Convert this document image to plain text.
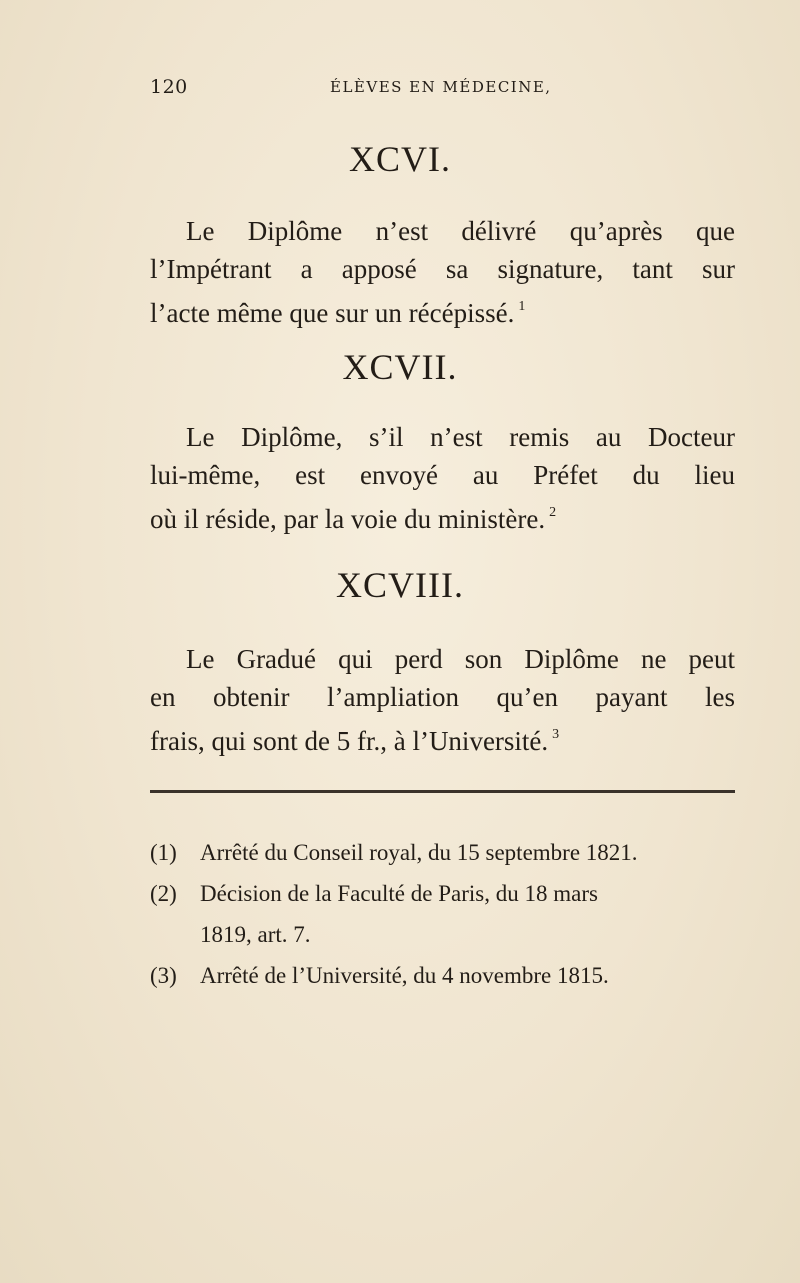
120	ÉLÈVES EN MÉDECINE,
XCVI.
Le Diplôme n’est délivré qu’après que
l’Impétrant a apposé sa signature, tant sur
l’acte même que sur un récépissé. $^1$
XCVII.
Le Diplôme, s’il n’est remis au Docteur
lui-même, est envoyé au Préfet du lieu
où il réside, par la voie du ministère. $^2$
XCVIII.
Le Gradué qui perd son Diplôme ne peut
en obtenir l’ampliation qu’en payant les
frais, qui sont de 5 fr., à l’Université. $^3$
(1) Arrêté du Conseil royal, du 15 septembre 1821.
(2) Décision de la Faculté de Paris, du 18 mars
1819, art. 7.
(3) Arrêté de l’Université, du 4 novembre 1815.
